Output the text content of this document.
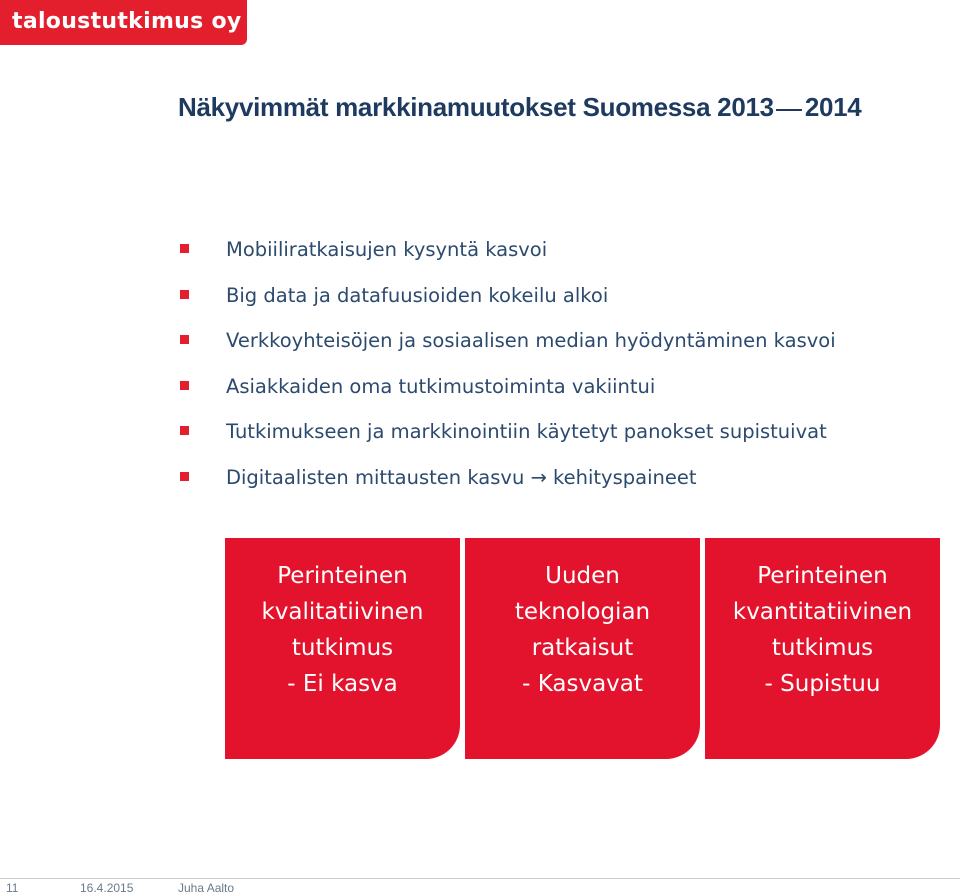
taloustutkimus oy
Näkyvimmät markkinamuutokset Suomessa 2013 2014
Mobiiliratkaisujen kysyntä kasvoi
Big data ja datafuusioiden kokeilu alkoi
Verkkoyhteisöjen ja sosiaalisen median hyödyntäminen kasvoi
Asiakkaiden oma tutkimustoiminta vakiintui
Tutkimukseen ja markkinointiin käytetyt panokset supistuivat
Digitaalisten mittausten kasvu → kehityspaineet
Perinteinen
kvalitatiivinen
tutkimus
- Ei kasva
Uuden
teknologian
ratkaisut
- Kasvavat
Perinteinen
kvantitatiivinen
tutkimus
- Supistuu
11	16.4.2015	Juha Aalto
